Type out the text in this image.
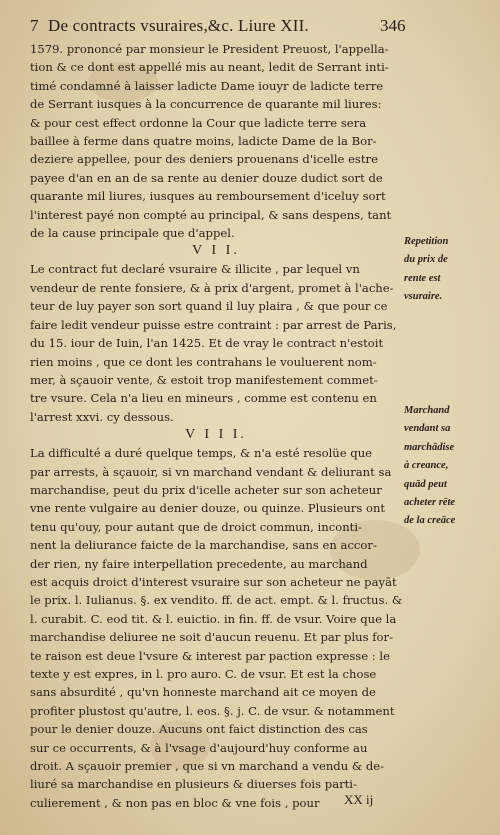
7 De contracts vsuraires,&c. Liure XII.	346

1579. prononcé par monsieur le President Preuost, l'appella-

tion & ce dont est appellé mis au neant, ledit de Serrant inti-

timé condamné à laisser ladicte Dame iouyr de ladicte terre

de Serrant iusques à la concurrence de quarante mil liures:

& pour cest effect ordonne la Cour que ladicte terre sera

baillee à ferme dans quatre moins, ladicte Dame de la Bor-

deziere appellee, pour des deniers prouenans d'icelle estre

payee d'an en an de sa rente au denier douze dudict sort de

quarante mil liures, iusques au remboursement d'iceluy sort

l'interest payé non compté au principal, & sans despens, tant

de la cause principale que d'appel.

V I I.

Le contract fut declaré vsuraire & illicite , par lequel vn

vendeur de rente fonsiere, & à prix d'argent, promet à l'ache-

teur de luy payer son sort quand il luy plaira , & que pour ce

faire ledit vendeur puisse estre contraint : par arrest de Paris,

du 15. iour de Iuin, l'an 1425. Et de vray le contract n'estoit

rien moins , que ce dont les contrahans le vouluerent nom-

mer, à sçauoir vente, & estoit trop manifestement commet-

tre vsure. Cela n'a lieu en mineurs , comme est contenu en

l'arrest xxvi. cy dessous.

V I I I.

La difficulté a duré quelque temps, & n'a esté resolüe que

par arrests, à sçauoir, si vn marchand vendant & deliurant sa

marchandise, peut du prix d'icelle acheter sur son acheteur

vne rente vulgaire au denier douze, ou quinze. Plusieurs ont

tenu qu'ouy, pour autant que de droict commun, inconti-

nent la deliurance faicte de la marchandise, sans en accor-

der rien, ny faire interpellation precedente, au marchand

est acquis droict d'interest vsuraire sur son acheteur ne payāt

le prix. l. Iulianus. §. ex vendito. ff. de act. empt. & l. fructus. &

l. curabit. C. eod tit. & l. euictio. in fin. ff. de vsur. Voire que la

marchandise deliuree ne soit d'aucun reuenu. Et par plus for-

te raison est deue l'vsure & interest par paction expresse : le

texte y est expres, in l. pro auro. C. de vsur. Et est la chose

sans absurdité , qu'vn honneste marchand ait ce moyen de

profiter plustost qu'autre, l. eos. §. j. C. de vsur. & notamment

pour le denier douze. Aucuns ont faict distinction des cas

sur ce occurrents, & à l'vsage d'aujourd'huy conforme au

droit. A sçauoir premier , que si vn marchand a vendu & de-

liuré sa marchandise en plusieurs & diuerses fois parti-

culierement , & non pas en bloc & vne fois , pour

Repetition
du prix de
rente est
vsuraire.
Marchand
vendant sa
marchādise
à creance,
quād peut
acheter rēte
de la creāce
XX ij
